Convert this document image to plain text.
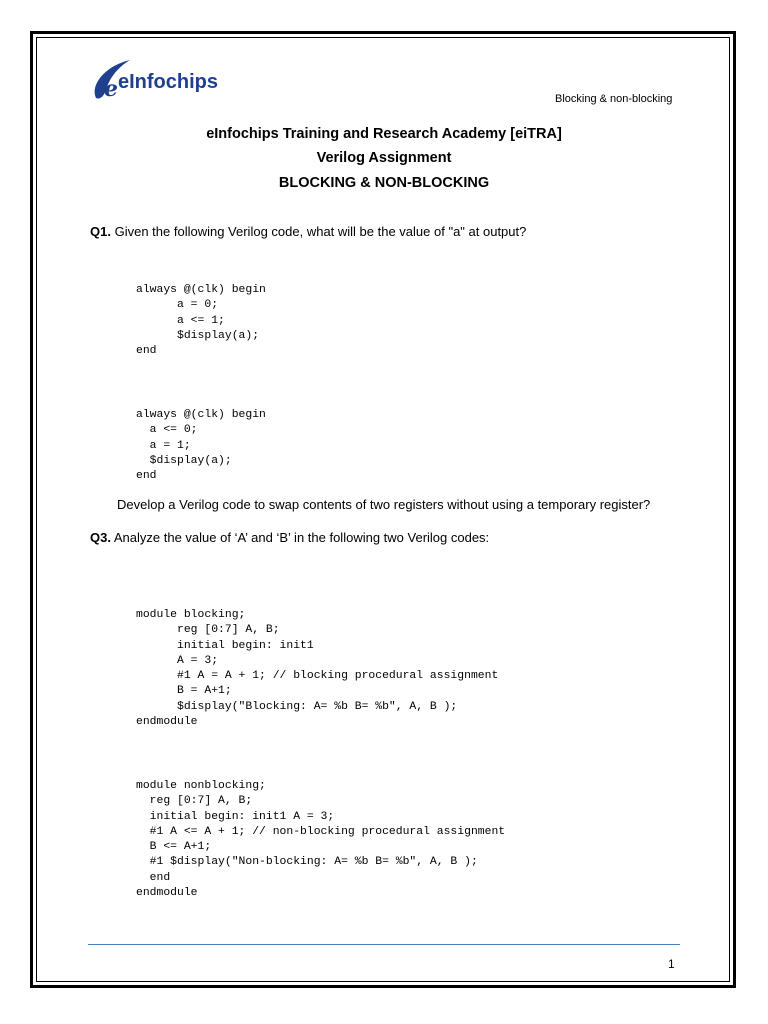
e eInfochips
Blocking & non-blocking
eInfochips Training and Research Academy [eiTRA]
Verilog Assignment
BLOCKING & NON-BLOCKING
Q1. Given the following Verilog code, what will be the value of "a" at output?
always @(clk) begin
a = 0;
a <= 1;
$display(a);
end
always @(clk) begin
a <= 0;
a = 1;
$display(a);
end
Develop a Verilog code to swap contents of two registers without using a temporary register?
Q3. Analyze the value of ‘A’ and ‘B’ in the following two Verilog codes:
module blocking;
reg [0:7] A, B;
initial begin: init1
A = 3;
#1 A = A + 1; // blocking procedural assignment
B = A+1;
$display("Blocking: A= %b B= %b", A, B );
endmodule
module nonblocking;
reg [0:7] A, B;
initial begin: init1 A = 3;
#1 A <= A + 1; // non-blocking procedural assignment
B <= A+1;
#1 $display("Non-blocking: A= %b B= %b", A, B );
end
endmodule
1
